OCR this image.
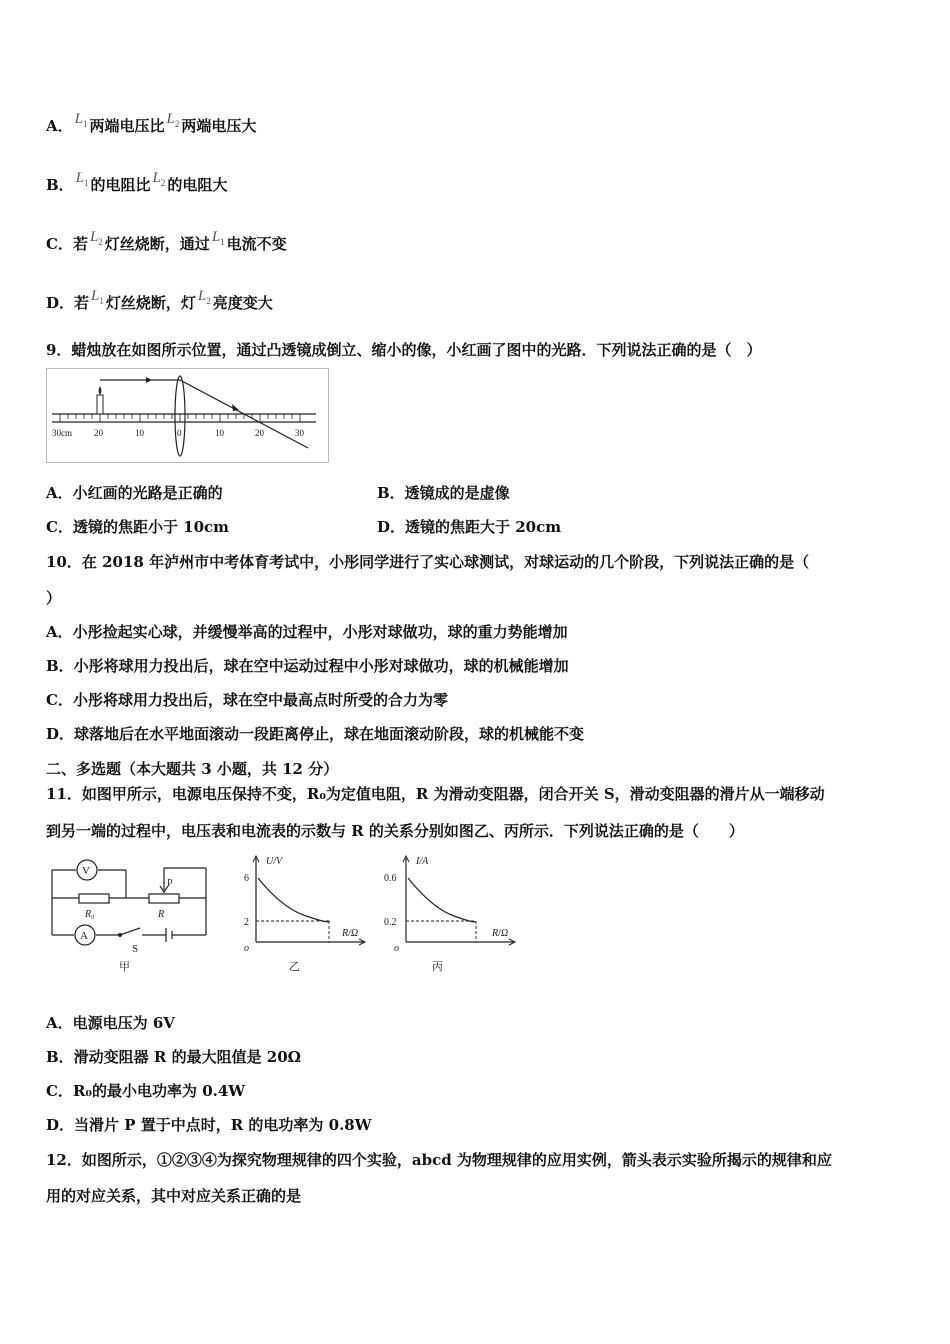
A． $L_1$ 两端电压比 $L_2$ 两端电压大
B． $L_1$ 的电阻比 $L_2$ 的电阻大
C．若 $L_2$ 灯丝烧断，通过 $L_1$ 电流不变
D．若 $L_1$ 灯丝烧断，灯 $L_2$ 亮度变大
9．蜡烛放在如图所示位置，通过凸透镜成倒立、缩小的像，小红画了图中的光路．下列说法正确的是（　）
30cm 20	10	0	10	20	30
A．小红画的光路是正确的	B．透镜成的是虚像
C．透镜的焦距小于 10cm	D．透镜的焦距大于 20cm
10．在 2018 年泸州市中考体育考试中，小彤同学进行了实心球测试，对球运动的几个阶段，下列说法正确的是（
）
A．小彤捡起实心球，并缓慢举高的过程中，小彤对球做功，球的重力势能增加
B．小彤将球用力投出后，球在空中运动过程中小彤对球做功，球的机械能增加
C．小彤将球用力投出后，球在空中最高点时所受的合力为零
D．球落地后在水平地面滚动一段距离停止，球在地面滚动阶段，球的机械能不变
二、多选题（本大题共 3 小题，共 12 分）
11．如图甲所示，电源电压保持不变，R₀为定值电阻，R 为滑动变阻器，闭合开关 S，滑动变阻器的滑片从一端移动
到另一端的过程中，电压表和电流表的示数与 R 的关系分别如图乙、丙所示．下列说法正确的是（　　）
V
A
R₀	R
P
S
甲
U/V
R/Ω
6
2
o
乙
I/A
R/Ω
0.6
0.2
o
丙
A．电源电压为 6V
B．滑动变阻器 R 的最大阻值是 20Ω
C．R₀的最小电功率为 0.4W
D．当滑片 P 置于中点时，R 的电功率为 0.8W
12．如图所示，①②③④为探究物理规律的四个实验，abcd 为物理规律的应用实例，箭头表示实验所揭示的规律和应
用的对应关系，其中对应关系正确的是
